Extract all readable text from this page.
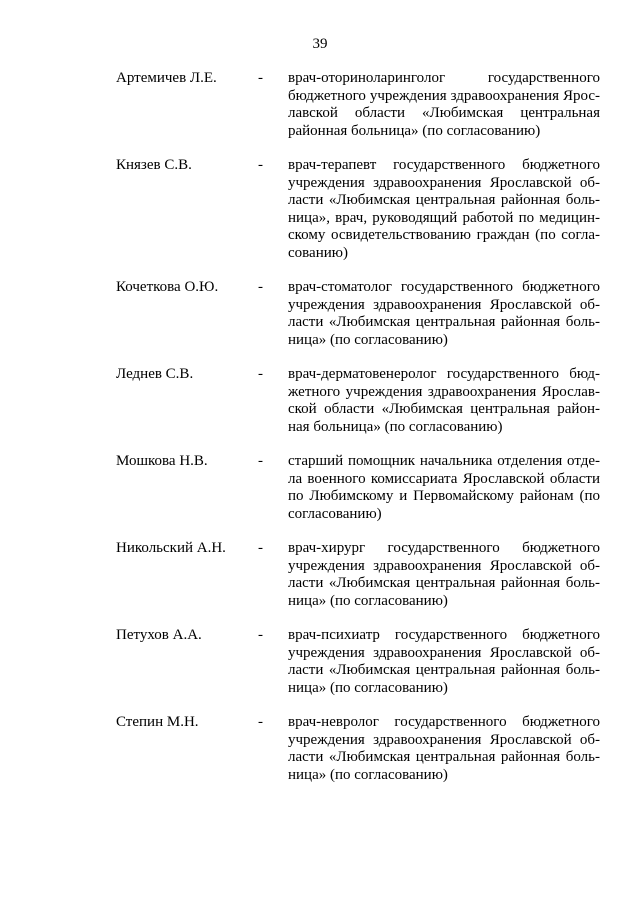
39
Артемичев Л.Е.	- врач-оториноларинголог государственного
бюджетного учреждения здравоохранения Ярос-
лавской области «Любимская центральная
районная больница» (по согласованию)
Князев С.В.	- врач-терапевт государственного бюджетного
учреждения здравоохранения Ярославской об-
ласти «Любимская центральная районная боль-
ница», врач, руководящий работой по медицин-
скому освидетельствованию граждан (по согла-
сованию)
Кочеткова О.Ю.	- врач-стоматолог государственного бюджетного
учреждения здравоохранения Ярославской об-
ласти «Любимская центральная районная боль-
ница» (по согласованию)
Леднев С.В.	- врач-дерматовенеролог государственного бюд-
жетного учреждения здравоохранения Ярослав-
ской области «Любимская центральная район-
ная больница» (по согласованию)
Мошкова Н.В.	- старший помощник начальника отделения отде-
ла военного комиссариата Ярославской области
по Любимскому и Первомайскому районам (по
согласованию)
Никольский А.Н. - врач-хирург государственного бюджетного
учреждения здравоохранения Ярославской об-
ласти «Любимская центральная районная боль-
ница» (по согласованию)
Петухов А.А.	- врач-психиатр государственного бюджетного
учреждения здравоохранения Ярославской об-
ласти «Любимская центральная районная боль-
ница» (по согласованию)
Степин М.Н.	- врач-невролог государственного бюджетного
учреждения здравоохранения Ярославской об-
ласти «Любимская центральная районная боль-
ница» (по согласованию)
